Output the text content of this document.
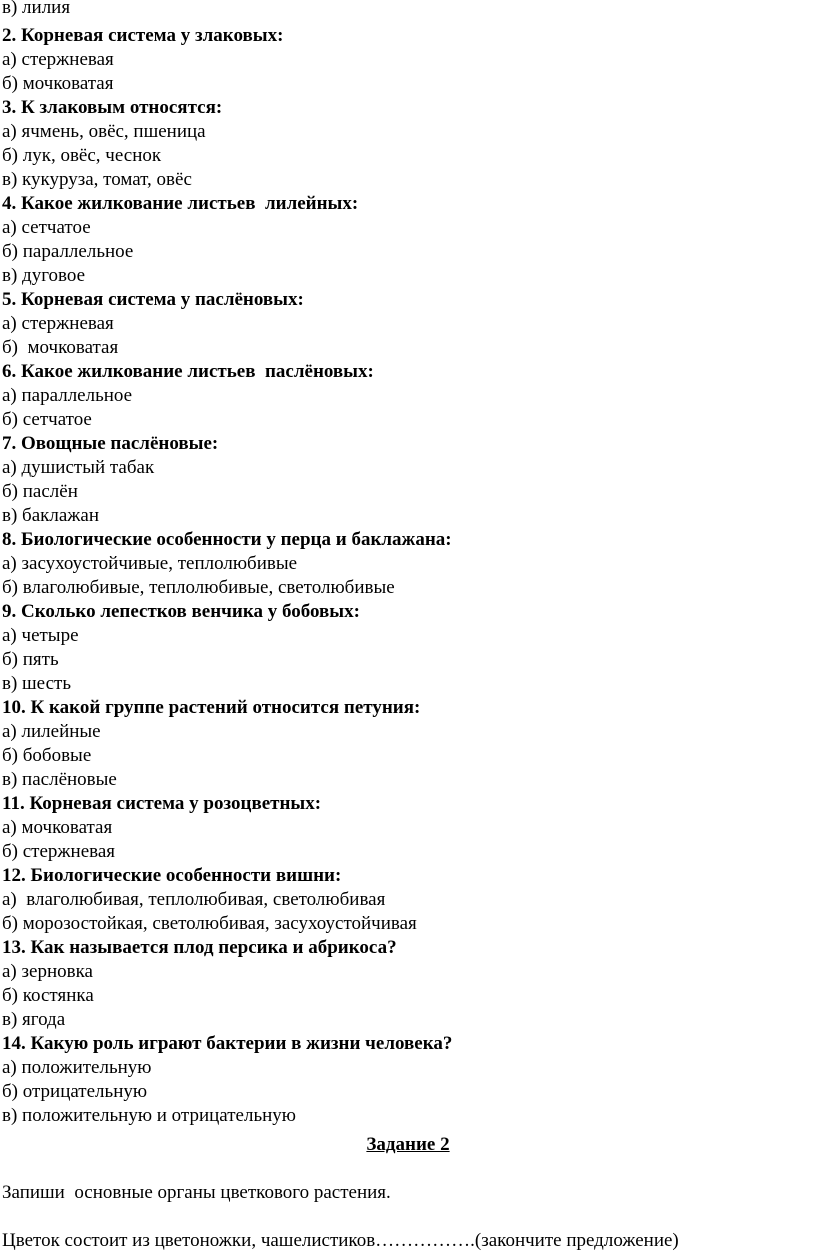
в) лилия
2. Корневая система у злаковых:
а) стержневая
б) мочковатая
3. К злаковым относятся:
а) ячмень, овёс, пшеница
б) лук, овёс, чеснок
в) кукуруза, томат, овёс
4. Какое жилкование листьев  лилейных:
а) сетчатое
б) параллельное
в) дуговое
5. Корневая система у паслёновых:
а) стержневая
б)  мочковатая
6. Какое жилкование листьев  паслёновых:
а) параллельное
б) сетчатое
7. Овощные паслёновые:
а) душистый табак
б) паслён
в) баклажан
8. Биологические особенности у перца и баклажана:
а) засухоустойчивые, теплолюбивые
б) влаголюбивые, теплолюбивые, светолюбивые
9. Сколько лепестков венчика у бобовых:
а) четыре
б) пять
в) шесть
10. К какой группе растений относится петуния:
а) лилейные
б) бобовые
в) паслёновые
11. Корневая система у розоцветных:
а) мочковатая
б) стержневая
12. Биологические особенности вишни:
а)  влаголюбивая, теплолюбивая, светолюбивая
б) морозостойкая, светолюбивая, засухоустойчивая
13. Как называется плод персика и абрикоса?
а) зерновка
б) костянка
в) ягода
14. Какую роль играют бактерии в жизни человека?
а) положительную
б) отрицательную
в) положительную и отрицательную
Задание 2
Запиши  основные органы цветкового растения.
Цветок состоит из цветоножки, чашелистиков…………….(закончите предложение)
